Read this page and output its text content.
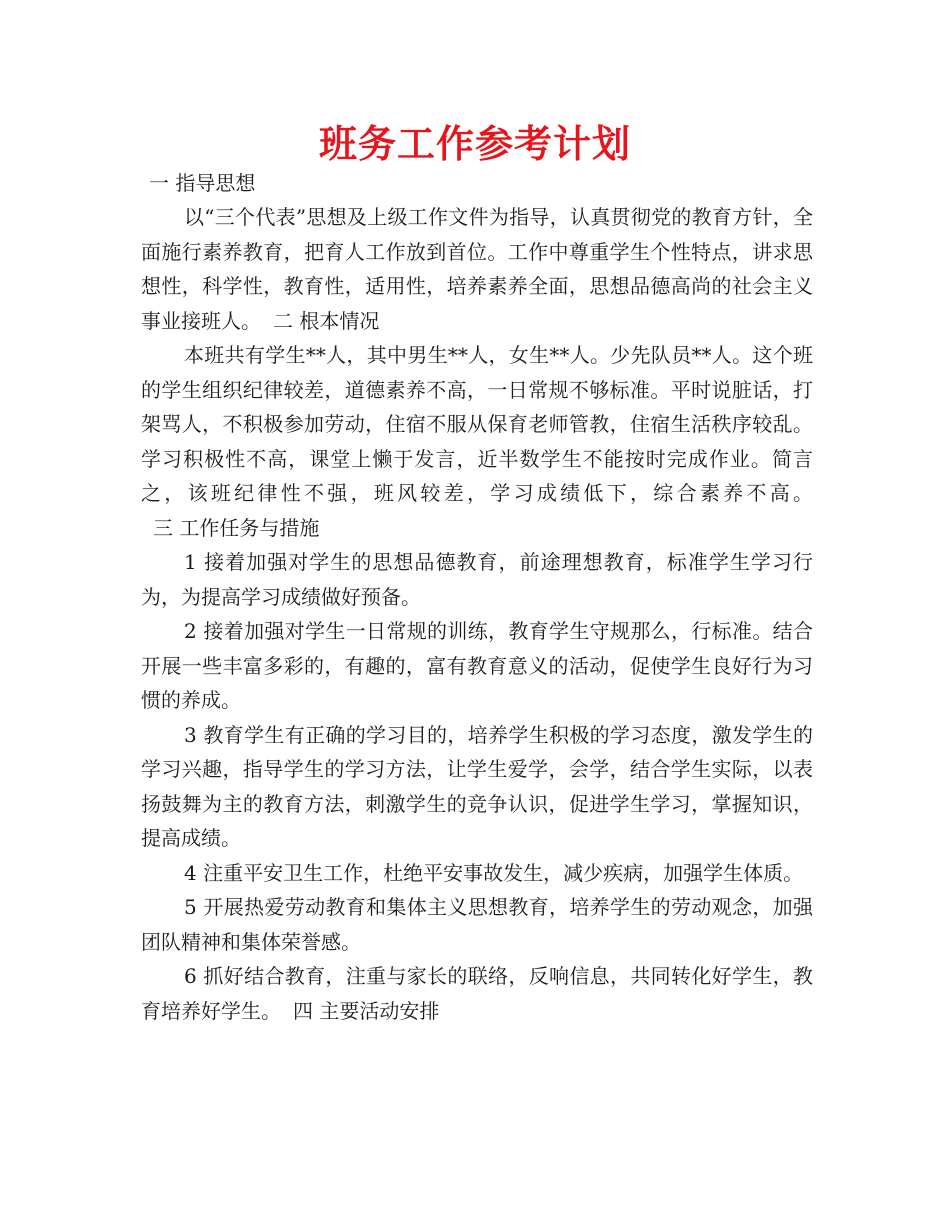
班务工作参考计划
一 指导思想

以“三个代表”思想及上级工作文件为指导，认真贯彻党的教育方针，全面施行素养教育，把育人工作放到首位。工作中尊重学生个性特点，讲求思想性，科学性，教育性，适用性，培养素养全面，思想品德高尚的社会主义事业接班人。 二 根本情况

本班共有学生**人，其中男生**人，女生**人。少先队员**人。这个班的学生组织纪律较差，道德素养不高，一日常规不够标准。平时说脏话，打架骂人，不积极参加劳动，住宿不服从保育老师管教，住宿生活秩序较乱。学习积极性不高，课堂上懒于发言，近半数学生不能按时完成作业。简言之，该班纪律性不强，班风较差，学习成绩低下，综合素养不高。三 工作任务与措施

1 接着加强对学生的思想品德教育，前途理想教育，标准学生学习行为，为提高学习成绩做好预备。

2 接着加强对学生一日常规的训练，教育学生守规那么，行标准。结合开展一些丰富多彩的，有趣的，富有教育意义的活动，促使学生良好行为习惯的养成。

3 教育学生有正确的学习目的，培养学生积极的学习态度，激发学生的学习兴趣，指导学生的学习方法，让学生爱学，会学，结合学生实际，以表扬鼓舞为主的教育方法，刺激学生的竞争认识，促进学生学习，掌握知识，提高成绩。

4 注重平安卫生工作，杜绝平安事故发生，减少疾病，加强学生体质。

5 开展热爱劳动教育和集体主义思想教育，培养学生的劳动观念，加强团队精神和集体荣誉感。

6 抓好结合教育，注重与家长的联络，反响信息，共同转化好学生，教育培养好学生。 四 主要活动安排
